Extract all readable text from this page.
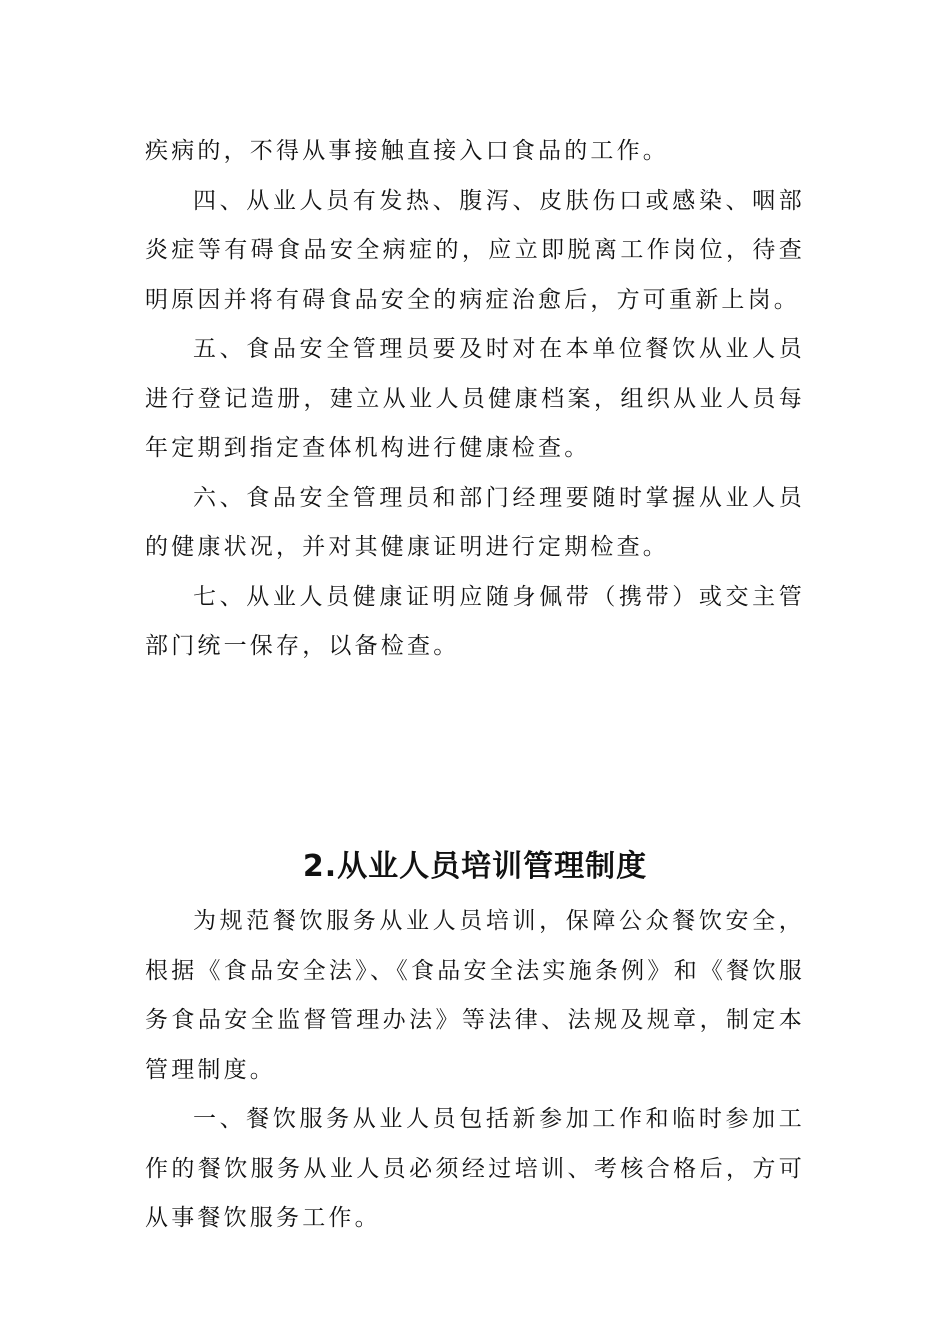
疾病的，不得从事接触直接入口食品的工作。

四、从业人员有发热、腹泻、皮肤伤口或感染、咽部炎症等有碍食品安全病症的，应立即脱离工作岗位，待查明原因并将有碍食品安全的病症治愈后，方可重新上岗。

五、食品安全管理员要及时对在本单位餐饮从业人员进行登记造册，建立从业人员健康档案，组织从业人员每年定期到指定查体机构进行健康检查。

六、食品安全管理员和部门经理要随时掌握从业人员的健康状况，并对其健康证明进行定期检查。

七、从业人员健康证明应随身佩带（携带）或交主管部门统一保存，以备检查。

2.从业人员培训管理制度

为规范餐饮服务从业人员培训，保障公众餐饮安全，根据《食品安全法》、《食品安全法实施条例》和《餐饮服务食品安全监督管理办法》等法律、法规及规章，制定本管理制度。

一、餐饮服务从业人员包括新参加工作和临时参加工作的餐饮服务从业人员必须经过培训、考核合格后，方可从事餐饮服务工作。
